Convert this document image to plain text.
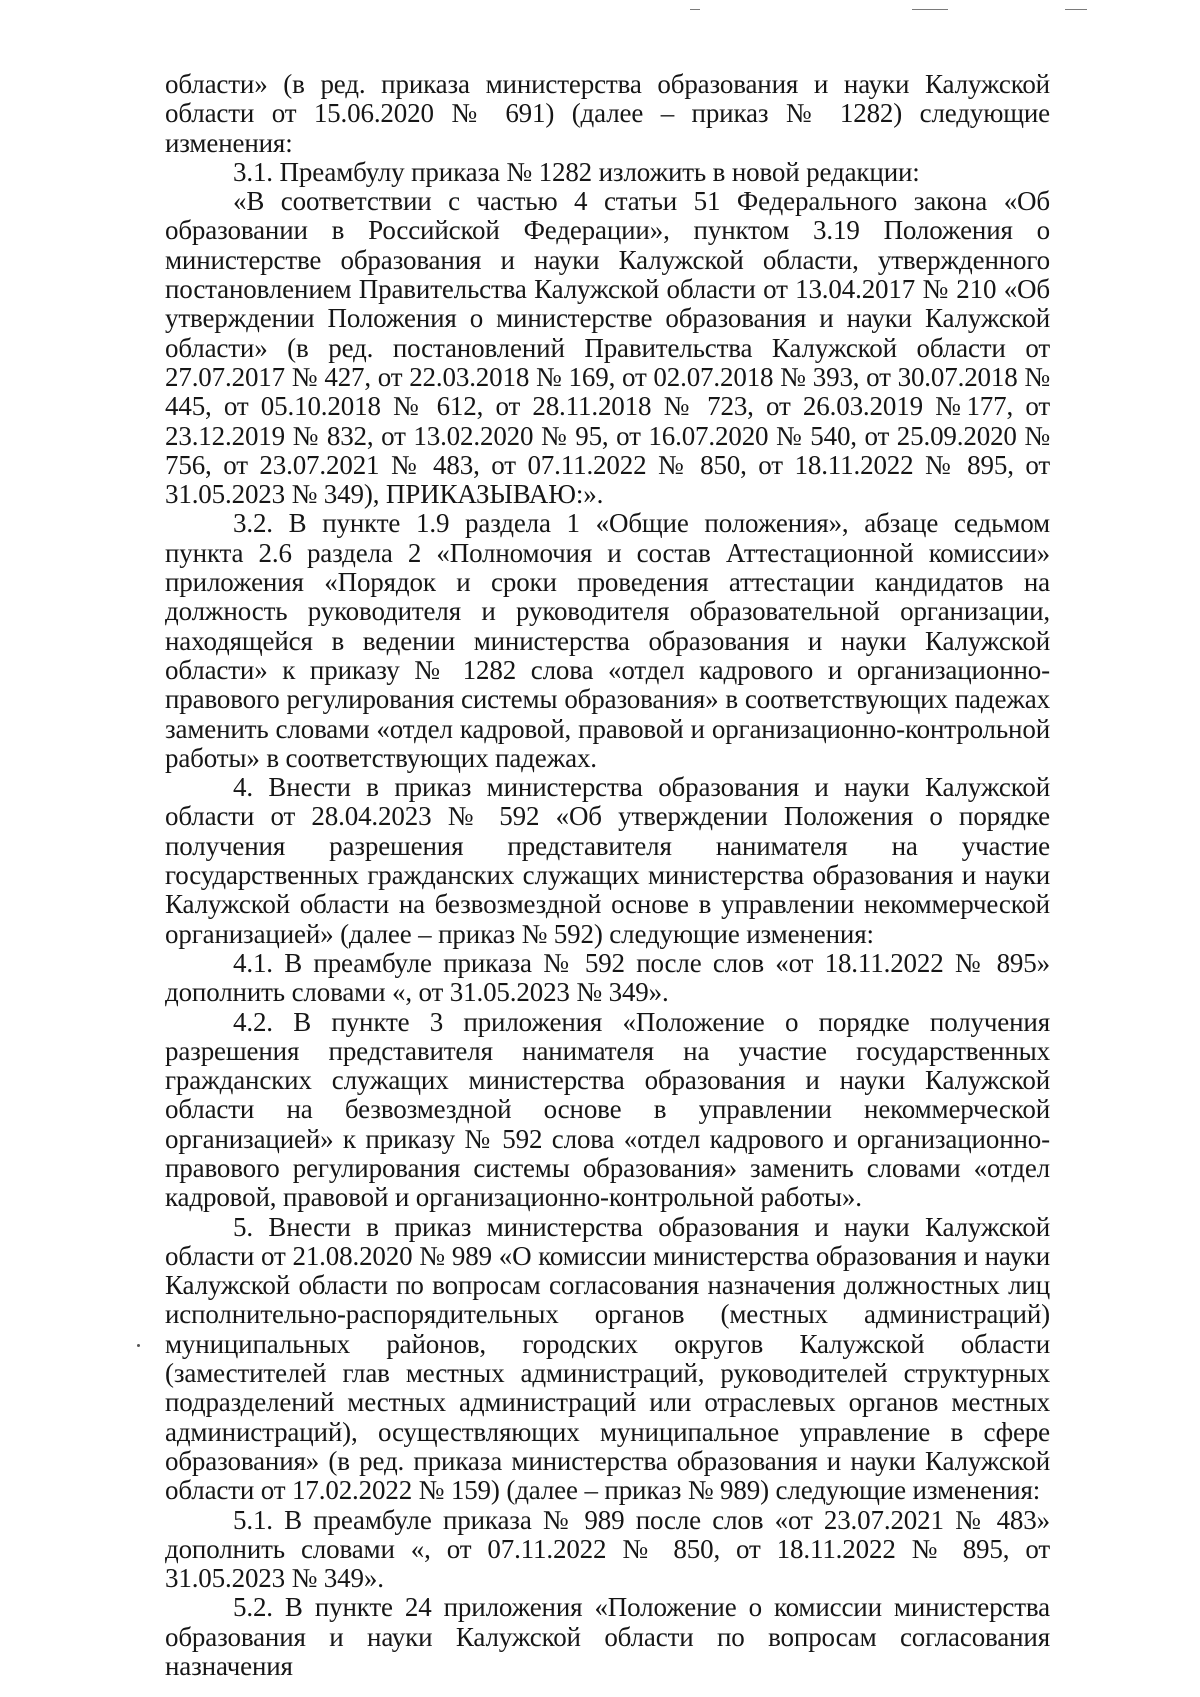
области» (в ред. приказа министерства образования и науки Калужской области от 15.06.2020 № 691) (далее – приказ № 1282) следующие изменения:

3.1. Преамбулу приказа № 1282 изложить в новой редакции:

«В соответствии с частью 4 статьи 51 Федерального закона «Об образовании в Российской Федерации», пунктом 3.19 Положения о министерстве образования и науки Калужской области, утвержденного постановлением Правительства Калужской области от 13.04.2017 № 210 «Об утверждении Положения о министерстве образования и науки Калужской области» (в ред. постановлений Правительства Калужской области от 27.07.2017 № 427, от 22.03.2018 № 169, от 02.07.2018 № 393, от 30.07.2018 № 445, от 05.10.2018 № 612, от 28.11.2018 № 723, от 26.03.2019 №177, от 23.12.2019 № 832, от 13.02.2020 № 95, от 16.07.2020 № 540, от 25.09.2020 № 756, от 23.07.2021 № 483, от 07.11.2022 № 850, от 18.11.2022 № 895, от 31.05.2023 № 349), ПРИКАЗЫВАЮ:».

3.2. В пункте 1.9 раздела 1 «Общие положения», абзаце седьмом пункта 2.6 раздела 2 «Полномочия и состав Аттестационной комиссии» приложения «Порядок и сроки проведения аттестации кандидатов на должность руководителя и руководителя образовательной организации, находящейся в ведении министерства образования и науки Калужской области» к приказу № 1282 слова «отдел кадрового и организационно-правового регулирования системы образования» в соответствующих падежах заменить словами «отдел кадровой, правовой и организационно-контрольной работы» в соответствующих падежах.

4. Внести в приказ министерства образования и науки Калужской области от 28.04.2023 № 592 «Об утверждении Положения о порядке получения разрешения представителя нанимателя на участие государственных гражданских служащих министерства образования и науки Калужской области на безвозмездной основе в управлении некоммерческой организацией» (далее – приказ № 592) следующие изменения:

4.1. В преамбуле приказа № 592 после слов «от 18.11.2022 № 895» дополнить словами «, от 31.05.2023 № 349».

4.2. В пункте 3 приложения «Положение о порядке получения разрешения представителя нанимателя на участие государственных гражданских служащих министерства образования и науки Калужской области на безвозмездной основе в управлении некоммерческой организацией» к приказу № 592 слова «отдел кадрового и организационно-правового регулирования системы образования» заменить словами «отдел кадровой, правовой и организационно-контрольной работы».

5. Внести в приказ министерства образования и науки Калужской области от 21.08.2020 № 989 «О комиссии министерства образования и науки Калужской области по вопросам согласования назначения должностных лиц исполнительно-распорядительных органов (местных администраций) муниципальных районов, городских округов Калужской области (заместителей глав местных администраций, руководителей структурных подразделений местных администраций или отраслевых органов местных администраций), осуществляющих муниципальное управление в сфере образования» (в ред. приказа министерства образования и науки Калужской области от 17.02.2022 № 159) (далее – приказ № 989) следующие изменения:

5.1. В преамбуле приказа № 989 после слов «от 23.07.2021 № 483» дополнить словами «, от 07.11.2022 № 850, от 18.11.2022 № 895, от 31.05.2023 № 349».

5.2. В пункте 24 приложения «Положение о комиссии министерства образования и науки Калужской области по вопросам согласования назначения
